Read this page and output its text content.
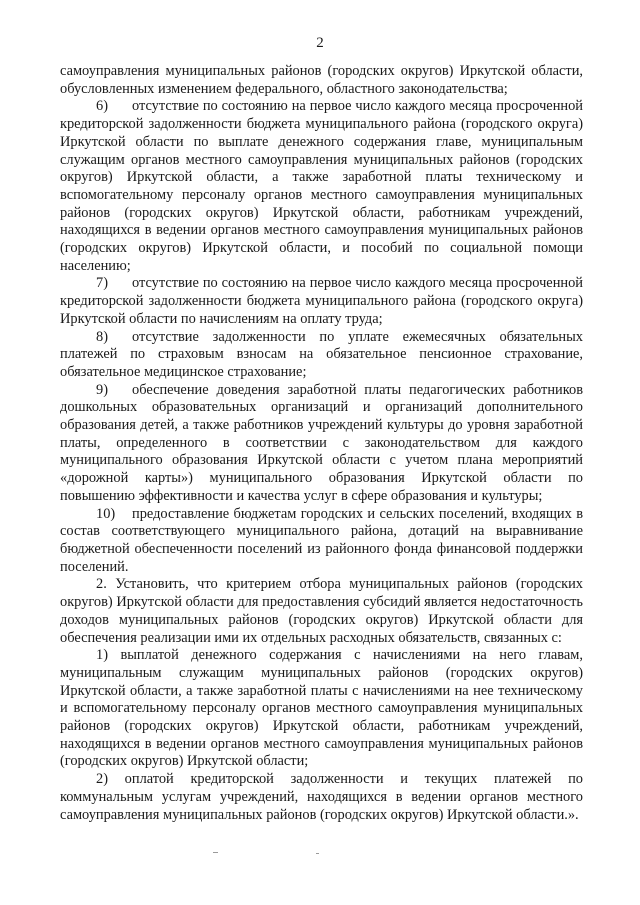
2

самоуправления муниципальных районов (городских округов) Иркутской области, обусловленных изменением федерального, областного законодательства;

6) отсутствие по состоянию на первое число каждого месяца просроченной кредиторской задолженности бюджета муниципального района (городского округа) Иркутской области по выплате денежного содержания главе, муниципальным служащим органов местного самоуправления муниципальных районов (городских округов) Иркутской области, а также заработной платы техническому и вспомогательному персоналу органов местного самоуправления муниципальных районов (городских округов) Иркутской области, работникам учреждений, находящихся в ведении органов местного самоуправления муниципальных районов (городских округов) Иркутской области, и пособий по социальной помощи населению;

7) отсутствие по состоянию на первое число каждого месяца просроченной кредиторской задолженности бюджета муниципального района (городского округа) Иркутской области по начислениям на оплату труда;

8) отсутствие задолженности по уплате ежемесячных обязательных платежей по страховым взносам на обязательное пенсионное страхование, обязательное медицинское страхование;

9) обеспечение доведения заработной платы педагогических работников дошкольных образовательных организаций и организаций дополнительного образования детей, а также работников учреждений культуры до уровня заработной платы, определенного в соответствии с законодательством для каждого муниципального образования Иркутской области с учетом плана мероприятий «дорожной карты») муниципального образования Иркутской области по повышению эффективности и качества услуг в сфере образования и культуры;

10) предоставление бюджетам городских и сельских поселений, входящих в состав соответствующего муниципального района, дотаций на выравнивание бюджетной обеспеченности поселений из районного фонда финансовой поддержки поселений.

2. Установить, что критерием отбора муниципальных районов (городских округов) Иркутской области для предоставления субсидий является недостаточность доходов муниципальных районов (городских округов) Иркутской области для обеспечения реализации ими их отдельных расходных обязательств, связанных с:

1) выплатой денежного содержания с начислениями на него главам, муниципальным служащим муниципальных районов (городских округов) Иркутской области, а также заработной платы с начислениями на нее техническому и вспомогательному персоналу органов местного самоуправления муниципальных районов (городских округов) Иркутской области, работникам учреждений, находящихся в ведении органов местного самоуправления муниципальных районов (городских округов) Иркутской области;

2) оплатой кредиторской задолженности и текущих платежей по коммунальным услугам учреждений, находящихся в ведении органов местного самоуправления муниципальных районов (городских округов) Иркутской области.».
